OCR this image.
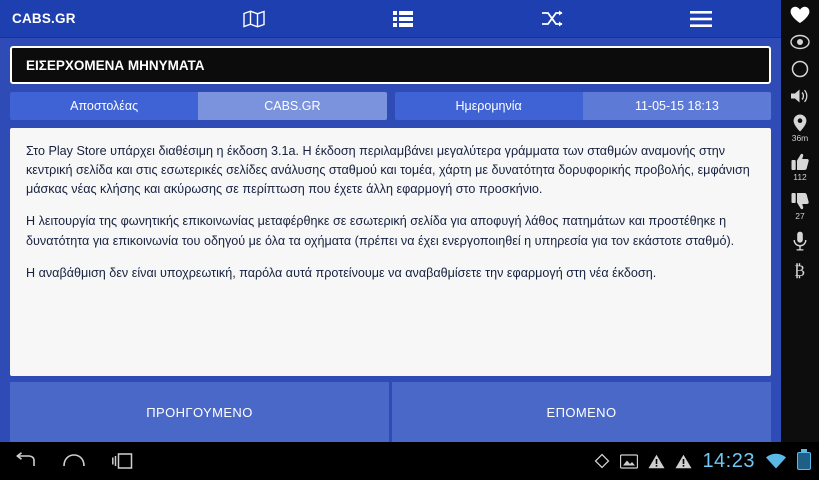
CABS.GR
ΕΙΣΕΡΧΟΜΕΝΑ ΜΗΝΥΜΑΤΑ
Αποστολέας	CABS.GR	Ημερομηνία	11-05-15 18:13

Στο Play Store υπάρχει διαθέσιμη η έκδοση 3.1a. Η έκδοση περιλαμβάνει μεγαλύτερα γράμματα των σταθμών αναμονής στην κεντρική σελίδα και στις εσωτερικές σελίδες ανάλυσης σταθμού και τομέα, χάρτη με δυνατότητα δορυφορικής προβολής, εμφάνιση μάσκας νέας κλήσης και ακύρωσης σε περίπτωση που έχετε άλλη εφαρμογή στο προσκήνιο.

Η λειτουργία της φωνητικής επικοινωνίας μεταφέρθηκε σε εσωτερική σελίδα για αποφυγή λάθος πατημάτων και προστέθηκε η δυνατότητα για επικοινωνία του οδηγού με όλα τα οχήματα (πρέπει να έχει ενεργοποιηθεί η υπηρεσία για τον εκάστοτε σταθμό).

Η αναβάθμιση δεν είναι υποχρεωτική, παρόλα αυτά προτείνουμε να αναβαθμίσετε την εφαρμογή στη νέα έκδοση.

ΠΡΟΗΓΟΥΜΕΝΟ	ΕΠΟΜΕΝΟ
36m
112
27
₿
14:23
